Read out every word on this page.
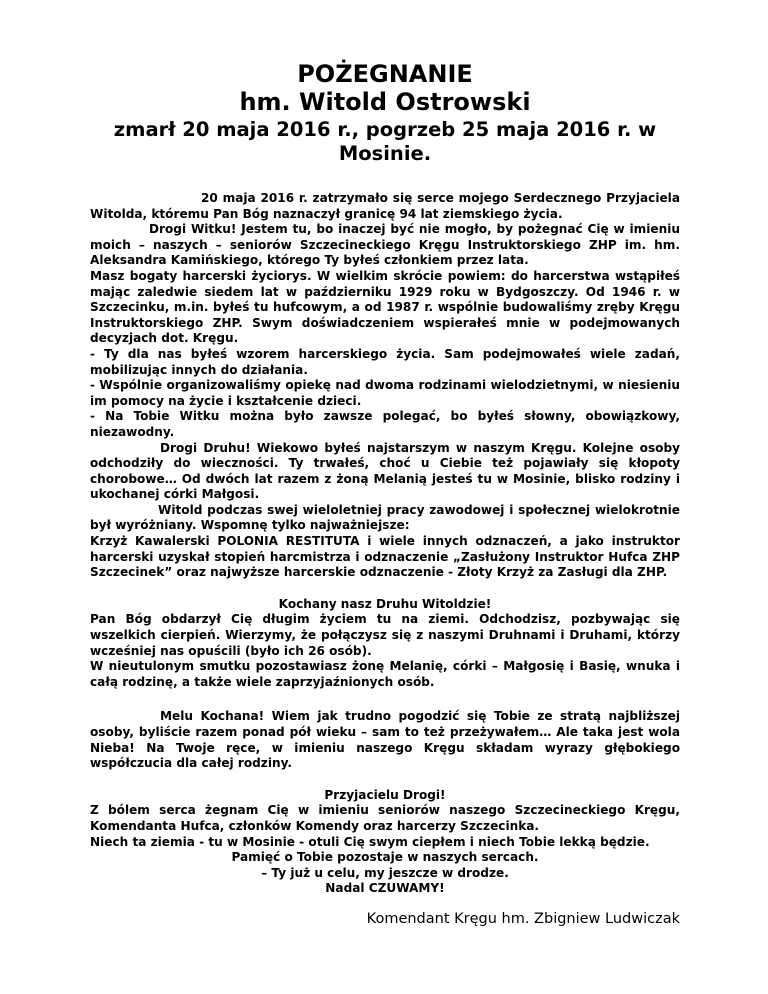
POŻEGNANIE

hm. Witold Ostrowski

zmarł 20 maja 2016 r., pogrzeb 25 maja 2016 r. w Mosinie.

20 maja 2016 r. zatrzymało się serce mojego Serdecznego Przyjaciela Witolda, któremu Pan Bóg naznaczył granicę 94 lat ziemskiego życia.

Drogi Witku! Jestem tu, bo inaczej być nie mogło, by pożegnać Cię w imieniu moich – naszych – seniorów Szczecineckiego Kręgu Instruktorskiego ZHP im. hm. Aleksandra Kamińskiego, którego Ty byłeś członkiem przez lata.

Masz bogaty harcerski życiorys. W wielkim skrócie powiem: do harcerstwa wstąpiłeś mając zaledwie siedem lat w październiku 1929 roku w Bydgoszczy. Od 1946 r. w Szczecinku, m.in. byłeś tu hufcowym, a od 1987 r. wspólnie budowaliśmy zręby Kręgu Instruktorskiego ZHP. Swym doświadczeniem wspierałeś mnie w podejmowanych decyzjach dot. Kręgu.

- Ty dla nas byłeś wzorem harcerskiego życia. Sam podejmowałeś wiele zadań, mobilizując innych do działania.

- Wspólnie organizowaliśmy opiekę nad dwoma rodzinami wielodzietnymi, w niesieniu im pomocy na życie i kształcenie dzieci.

- Na Tobie Witku można było zawsze polegać, bo byłeś słowny, obowiązkowy, niezawodny.

Drogi Druhu! Wiekowo byłeś najstarszym w naszym Kręgu. Kolejne osoby odchodziły do wieczności. Ty trwałeś, choć u Ciebie też pojawiały się kłopoty chorobowe… Od dwóch lat razem z żoną Melanią jesteś tu w Mosinie, blisko rodziny i ukochanej córki Małgosi.

Witold podczas swej wieloletniej pracy zawodowej i społecznej wielokrotnie był wyróżniany. Wspomnę tylko najważniejsze:

Krzyż Kawalerski POLONIA RESTITUTA i wiele innych odznaczeń, a jako instruktor harcerski uzyskał stopień harcmistrza i odznaczenie „Zasłużony Instruktor Hufca ZHP Szczecinek” oraz najwyższe harcerskie odznaczenie - Złoty Krzyż za Zasługi dla ZHP.

Kochany nasz Druhu Witoldzie!

Pan Bóg obdarzył Cię długim życiem tu na ziemi. Odchodzisz, pozbywając się wszelkich cierpień. Wierzymy, że połączysz się z naszymi Druhnami i Druhami, którzy wcześniej nas opuścili (było ich 26 osób).

W nieutulonym smutku pozostawiasz żonę Melanię, córki – Małgosię i Basię, wnuka i całą rodzinę, a także wiele zaprzyjaźnionych osób.

Melu Kochana! Wiem jak trudno pogodzić się Tobie ze stratą najbliższej osoby, byliście razem ponad pół wieku – sam to też przeżywałem… Ale taka jest wola Nieba! Na Twoje ręce, w imieniu naszego Kręgu składam wyrazy głębokiego współczucia dla całej rodziny.

Przyjacielu Drogi!

Z bólem serca żegnam Cię w imieniu seniorów naszego Szczecineckiego Kręgu, Komendanta Hufca, członków Komendy oraz harcerzy Szczecinka.

Niech ta ziemia - tu w Mosinie - otuli Cię swym ciepłem i niech Tobie lekką będzie.

Pamięć o Tobie pozostaje w naszych sercach.

– Ty już u celu, my jeszcze w drodze.

Nadal CZUWAMY!

Komendant Kręgu hm. Zbigniew Ludwiczak
